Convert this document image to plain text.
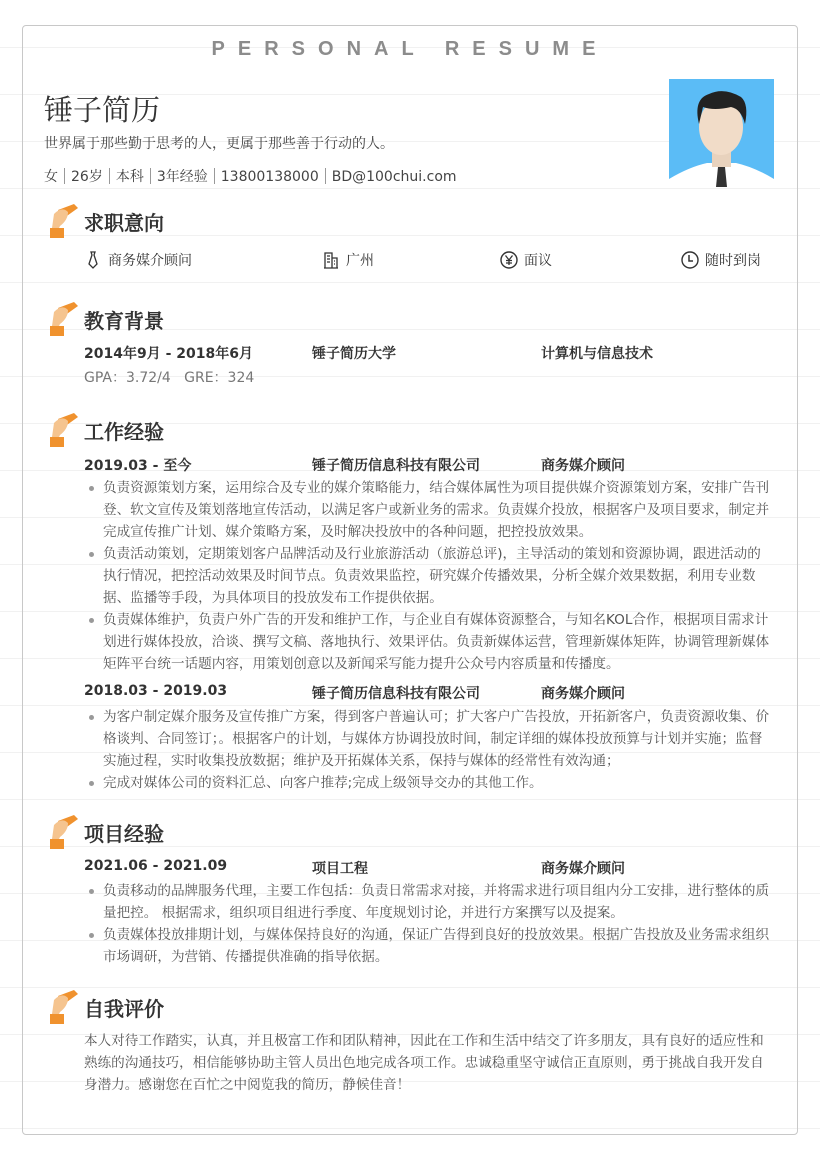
PERSONAL RESUME
锤子简历
世界属于那些勤于思考的人，更属于那些善于行动的人。
女 26岁 本科 3年经验 13800138000 BD@100chui.com
求职意向
商务媒介顾问	广州	面议	随时到岗
教育背景
2014年9月 - 2018年6月	锤子简历大学	计算机与信息技术
GPA：3.72/4   GRE：324
工作经验
2019.03 - 至今	锤子简历信息科技有限公司	商务媒介顾问
负责资源策划方案，运用综合及专业的媒介策略能力，结合媒体属性为项目提供媒介资源策划方案，安排广告刊登、软文宣传及策划落地宣传活动，以满足客户或新业务的需求。负责媒介投放，根据客户及项目要求，制定并完成宣传推广计划、媒介策略方案，及时解决投放中的各种问题，把控投放效果。
负责活动策划，定期策划客户品牌活动及行业旅游活动（旅游总评)，主导活动的策划和资源协调，跟进活动的执行情况，把控活动效果及时间节点。负责效果监控，研究媒介传播效果，分析全媒介效果数据，利用专业数据、监播等手段，为具体项目的投放发布工作提供依据。
负责媒体维护，负责户外广告的开发和维护工作，与企业自有媒体资源整合，与知名KOL合作，根据项目需求计划进行媒体投放，洽谈、撰写文稿、落地执行、效果评估。负责新媒体运营，管理新媒体矩阵，协调管理新媒体矩阵平台统一话题内容，用策划创意以及新闻采写能力提升公众号内容质量和传播度。
2018.03 - 2019.03	锤子简历信息科技有限公司	商务媒介顾问
为客户制定媒介服务及宣传推广方案，得到客户普遍认可；扩大客户广告投放，开拓新客户，负责资源收集、价格谈判、合同签订；。根据客户的计划，与媒体方协调投放时间，制定详细的媒体投放预算与计划并实施；监督实施过程，实时收集投放数据；维护及开拓媒体关系，保持与媒体的经常性有效沟通；
完成对媒体公司的资料汇总、向客户推荐;完成上级领导交办的其他工作。
项目经验
2021.06 - 2021.09	项目工程	商务媒介顾问
负责移动的品牌服务代理，主要工作包括：负责日常需求对接，并将需求进行项目组内分工安排，进行整体的质量把控。 根据需求，组织项目组进行季度、年度规划讨论，并进行方案撰写以及提案。
负责媒体投放排期计划，与媒体保持良好的沟通，保证广告得到良好的投放效果。根据广告投放及业务需求组织市场调研，为营销、传播提供准确的指导依据。
自我评价
本人对待工作踏实，认真，并且极富工作和团队精神，因此在工作和生活中结交了许多朋友，具有良好的适应性和熟练的沟通技巧，相信能够协助主管人员出色地完成各项工作。忠诚稳重坚守诚信正直原则，勇于挑战自我开发自身潜力。感谢您在百忙之中阅览我的简历，静候佳音！
